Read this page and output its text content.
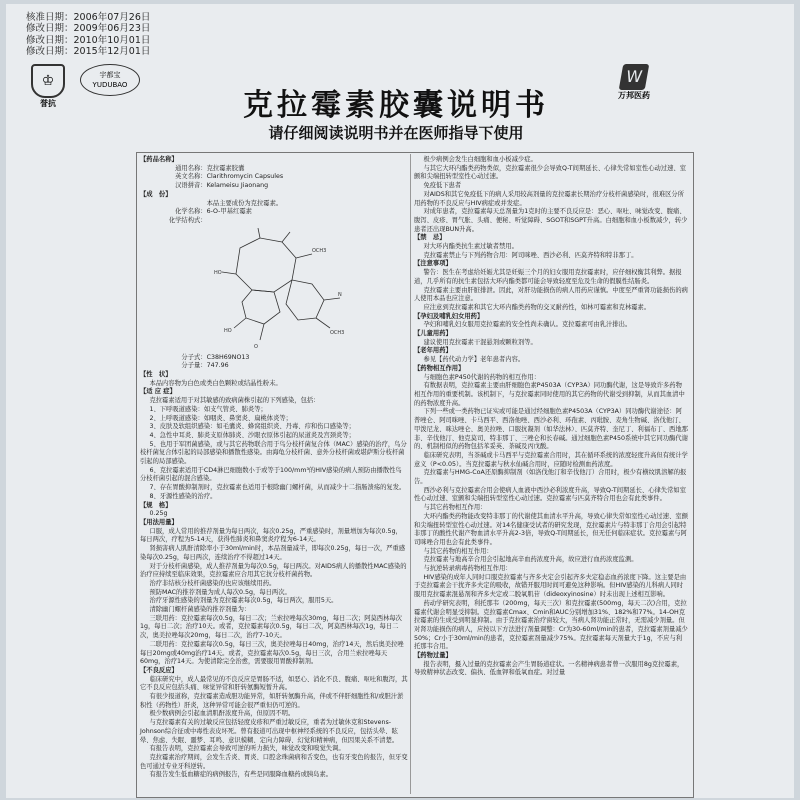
核准日期：2006年07月26日
修改日期：2009年06月23日
修改日期：2010年10月01日
修改日期：2015年12月01日
♔
誉抗
宇都宝
YUDUBAO	W
万邦医药
克拉霉素胶囊说明书
请仔细阅读说明书并在医师指导下使用

【药品名称】

通用名称：克拉霉素胶囊

英文名称：Clarithromycin Capsules

汉语拼音：Kelameisu Jiaonang

【成　份】

本品主要成份为克拉霉素。

化学名称：6-O-甲基红霉素

化学结构式：

HO
OCH3
O
OCH3
N
HO

分子式：C38H69NO13

分子量：747.96

【性　状】

本品内容物为白色或类白色颗粒或结晶性粉末。

【适 应 症】

克拉霉素适用于对其敏感的致病菌株引起的下列感染，包括：

1、下呼吸道感染：如支气管炎、肺炎等；

2、上呼吸道感染：如咽炎、鼻窦炎、扁桃体炎等；

3、皮肤及软组织感染：如毛囊炎、蜂窝组织炎、丹毒、疖和伤口感染等；

4、急性中耳炎、肺炎支原体肺炎、沙眼衣原体引起的尿道炎及宫颈炎等；

5、也用于军团菌感染，或与其它药物联合用于鸟分枝杆菌复合体（MAC）感染的治疗，鸟分枝杆菌复合体引起的局部感染和播散性感染。由海龟分枝杆菌、意外分枝杆菌或堪萨斯分枝杆菌引起的局部感染。

6、克拉霉素适用于CD4淋巴细胞数小于或等于100/mm³的HIV感染的病人预防由播散性鸟分枝杆菌引起的混合感染。

7、存在胃酸抑制剂时，克拉霉素也适用于根除幽门螺杆菌，从而减少十二指肠溃疡的复发。

8、牙源性感染的治疗。

【规　格】

0.25g

【用法用量】

口服，成人常用的推荐剂量为每日两次，每次0.25g，严重感染时，剂量增加为每次0.5g，每日两次，疗程为5-14天，获得性肺炎和鼻窦炎疗程为6-14天。

肾损害病人肌酐清除率小于30ml/min时，本品剂量减半，即每次0.25g，每日一次，严重感染每次0.25g，每日两次，连续治疗不得超过14天。

对于分枝杆菌感染，成人推荐剂量为每次0.5g，每日两次。对AIDS病人的播散性MAC感染的治疗应持续至临床效果，克拉霉素应合用其它抗分枝杆菌药物。

治疗非结核分枝杆菌感染的也应该继续用药。

预防MAC的推荐剂量为成人每次0.5g，每日两次。

治疗牙源性感染的剂量为克拉霉素每次0.5g，每日两次，服用5天。

清除幽门螺杆菌感染的推荐剂量为：

三联用药：克拉霉素每次0.5g，每日二次；兰索拉唑每次30mg，每日二次；阿莫西林每次1g，每日二次；治疗10天。或者，克拉霉素每次0.5g，每日二次，阿莫西林每次1g，每日二次，奥美拉唑每次20mg，每日二次，治疗7-10天。

二联用药：克拉霉素每次0.5g，每日三次，奥美拉唑每日40mg，治疗14天，然后奥美拉唑每日20mg或40mg治疗14天。或者，克拉霉素每次0.5g，每日三次，合用兰索拉唑每天60mg，治疗14天。为使清除完全治愈，需要服用胃酸抑制剂。

【不良反应】

临床研究中，成人最常见的不良反应是胃肠不适，如恶心、消化不良、腹痛、呕吐和腹泻，其它不良反应包括头痛、味觉异常和肝转氨酶短暂升高。

有很少报道称，克拉霉素造成胆功能异常，如肝转氨酶升高，伴或不伴肝细胞性和/或胆汁淤积性（药物性）肝炎，这种异常可能会很严重但仍可逆的。

极少数病例会引起血清肌酐浓度升高，但原因不明。

与克拉霉素有关的过敏反应包括轻度皮疹和严重过敏反应，重者为过敏休克和Stevens-Johnson综合征或中毒性表皮坏死。曾有报道可出现中枢神经系统的不良反应，包括头晕、眩晕、焦虑、失眠、噩梦、耳鸣、意识模糊、定向力障碍、幻觉和精神病，但因果关系不清楚。

有报告表明，克拉霉素会导致可逆的听力损失，味觉改变和嗅觉失调。

克拉霉素治疗期间，会发生舌炎、胃炎、口腔念珠菌病和舌变色，也有牙变色的报告，但牙变色可通过专业牙科逆转。

有报告发生低血糖症的病例报告，有些是同服降血糖药或胰岛素。

极少病例会发生白细胞和血小板减少症。

与其它大环内酯类药物类似，克拉霉素很少会导致Q-T间期延长、心律失常如室性心动过速、室颤和尖端扭转型室性心动过速。

免疫低下患者

对AIDS和其它免疫低下的病人采用较高剂量的克拉霉素长期治疗分枝杆菌感染时，很难区分所用药物的不良反应与HIV病症或并发症。

对成年患者，克拉霉素每天总剂量为1克时的主要不良反应是：恶心、呕吐、味觉改变、腹痛、腹泻、皮疹、胃气胀、头痛、便秘、听觉障碍、SGOT和SGPT升高。白细胞和血小板数减少，转少患者还出现BUN升高。

【禁　忌】

对大环内酯类抗生素过敏者禁用。

克拉霉素禁止与下列药物合用：阿司咪唑、西沙必利、匹莫齐特和特非那丁。

【注意事项】

警告：医生在考虑给妊娠尤其是妊娠三个月的妇女服用克拉霉素时，应仔细权衡其利弊。据报道，几乎所有的抗生素包括大环内酯类都可能会导致轻度至危及生命的假膜性结肠炎。

克拉霉素主要由肝脏排泄。因此，对肝功能损伤的病人用药应谨慎。中度至严重肾功能损伤的病人使用本品也应注意。

应注意到克拉霉素和其它大环内酯类药物的交叉耐药性，如林可霉素和克林霉素。

【孕妇及哺乳妇女用药】

孕妇和哺乳妇女服用克拉霉素的安全性尚未确认。克拉霉素可由乳汁排出。

【儿童用药】

建议使用克拉霉素干混悬剂或颗粒剂等。

【老年用药】

参见【药代动力学】老年患者内容。

【药物相互作用】

与细胞色素P450代谢的药物的相互作用：

有数据表明，克拉霉素主要由肝细胞色素P4503A（CYP3A）同功酶代谢，这是导致许多药物相互作用的重要机制。该机制下，与克拉霉素同时使用的其它药物的代谢受到抑制，从而其血清中的药物浓度升高。

下列一些或一类药物已证实或可能是通过经细胞色素P4503A（CYP3A）同功酶代谢途径：阿普唑仑、阿司咪唑、卡马西平、西洛他唑、西沙必利、环孢素、丙吡胺、麦角生物碱、洛伐他汀、甲泼尼龙、咪达唑仑、奥美拉唑、口服抗凝剂（如华法林）、匹莫齐特、奎尼丁、利福布丁、西地那非、辛伐他汀、他克莫司、特非那丁、三唑仑和长春碱。通过细胞色素P450系统中其它同功酶代谢的、机制相似的药物包括苯妥英、茶碱及丙戊酸。

临床研究表明，当茶碱或卡马西平与克拉霉素合用时，其在循环系统的浓度轻度升高但有统计学意义（P<0.05）。当克拉霉素与秋水仙碱合用时，应随时检测血药浓度。

克拉霉素与HMG-CoA还原酶抑制剂（如洛伐他汀和辛伐他汀）合用时，极少有横纹肌溶解的报告。

西沙必利与克拉霉素合用会使病人血液中西沙必利浓度升高，导致Q-T间期延长、心律失常如室性心动过速、室颤和尖端扭转型室性心动过速。克拉霉素与匹莫齐特合用也会有此类事件。

与其它药物相互作用：

大环内酯类药物能改变特非那丁的代谢使其血清水平升高，导致心律失常如室性心动过速、室颤和尖端扭转型室性心动过速。对14名健康受试者的研究发现，克拉霉素片与特非那丁合用会引起特非那丁的酸性代谢产物血清水平升高2-3倍，导致Q-T间期延长，但无任何临床症状。克拉霉素与阿司咪唑合用也会有此类事件。

与其它药物的相互作用：

克拉霉素与地高辛合用会引起地高辛血药浓度升高，故应进行血药浓度监测。

与抗逆转录病毒药物相互作用：

HIV感染的成年人同时口服克拉霉素与齐多夫定会引起齐多夫定稳态血药浓度下降。这主要是由于克拉霉素会干扰齐多夫定的吸收，故错开服用时间可避免这种影响。但HIV感染的儿科病人同时服用克拉霉素混悬剂和齐多夫定或二脱氧肌苷（dideoxyinosine）时未出现上述相互影响。

药动学研究表明，利托那韦（200mg，每天三次）和克拉霉素(500mg，每天二次)合用，克拉霉素代谢会明显受抑制。克拉霉素Cmax、Cmin和AUC分别增加31%、182%和77%。14-OH克拉霉素的生成受到明显抑制。由于克拉霉素治疗窗较大，当病人肾功能正常时，无需减少剂量。但对肾功能损伤的病人，应按以下方法进行剂量调整：Cr为30-60ml/min的患者，克拉霉素剂量减少50%；Cr小于30ml/min的患者，克拉霉素剂量减少75%。克拉霉素每天剂量大于1g，不应与利托那韦合用。

【药物过量】

报告表明，摄入过量的克拉霉素会产生胃肠道症状。一名精神病患者曾一次服用8g克拉霉素，导致精神状态改变、偏执、低血钾和低氧血症。对过量
